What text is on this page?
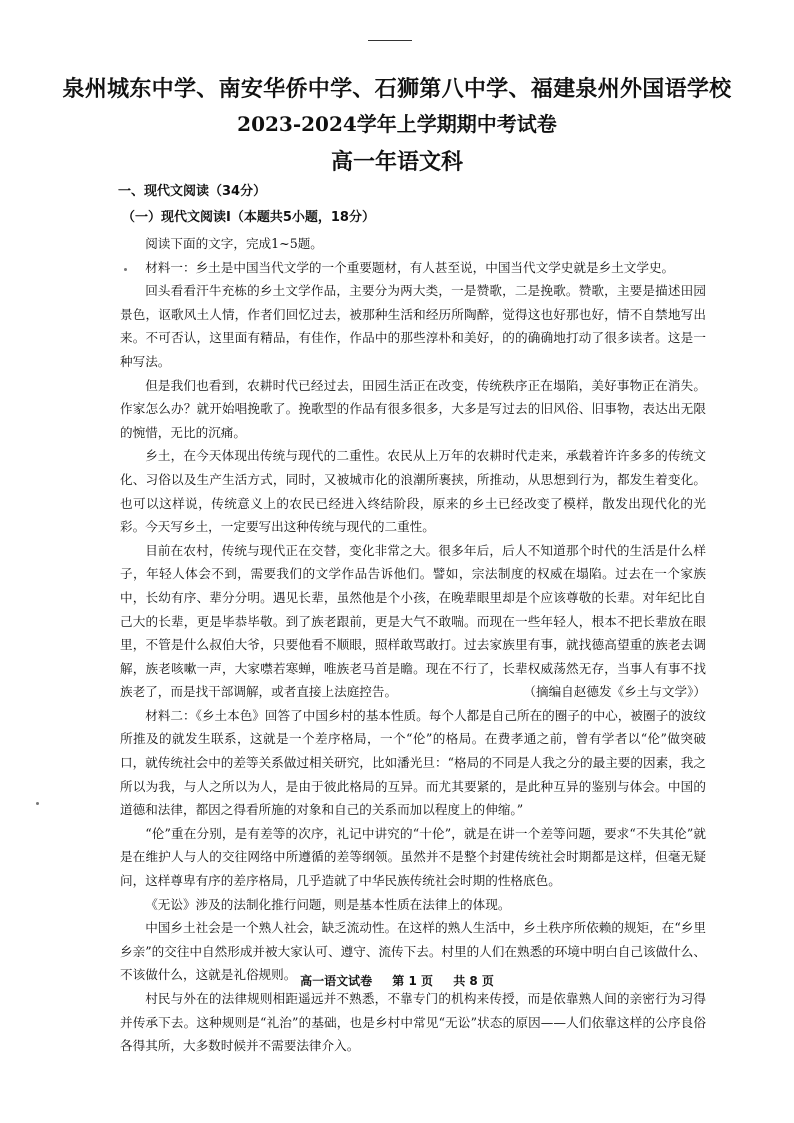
泉州城东中学、南安华侨中学、石狮第八中学、福建泉州外国语学校
2023-2024学年上学期期中考试卷
高一年语文科
一、现代文阅读（34分）
（一）现代文阅读Ⅰ（本题共5小题，18分）

阅读下面的文字，完成1~5题。

材料一：乡土是中国当代文学的一个重要题材，有人甚至说，中国当代文学史就是乡土文学史。

回头看看汗牛充栋的乡土文学作品，主要分为两大类，一是赞歌，二是挽歌。赞歌，主要是描述田园景色，讴歌风土人情，作者们回忆过去，被那种生活和经历所陶醉，觉得这也好那也好，情不自禁地写出来。不可否认，这里面有精品，有佳作，作品中的那些淳朴和美好，的的确确地打动了很多读者。这是一种写法。

但是我们也看到，农耕时代已经过去，田园生活正在改变，传统秩序正在塌陷，美好事物正在消失。作家怎么办？就开始唱挽歌了。挽歌型的作品有很多很多，大多是写过去的旧风俗、旧事物，表达出无限的惋惜，无比的沉痛。

乡土，在今天体现出传统与现代的二重性。农民从上万年的农耕时代走来，承载着许许多多的传统文化、习俗以及生产生活方式，同时，又被城市化的浪潮所裹挟，所推动，从思想到行为，都发生着变化。也可以这样说，传统意义上的农民已经进入终结阶段，原来的乡土已经改变了模样，散发出现代化的光彩。今天写乡土，一定要写出这种传统与现代的二重性。

目前在农村，传统与现代正在交替，变化非常之大。很多年后，后人不知道那个时代的生活是什么样子，年轻人体会不到，需要我们的文学作品告诉他们。譬如，宗法制度的权威在塌陷。过去在一个家族中，长幼有序、辈分分明。遇见长辈，虽然他是个小孩，在晚辈眼里却是个应该尊敬的长辈。对年纪比自己大的长辈，更是毕恭毕敬。到了族老跟前，更是大气不敢喘。而现在一些年轻人，根本不把长辈放在眼里，不管是什么叔伯大爷，只要他看不顺眼，照样敢骂敢打。过去家族里有事，就找德高望重的族老去调解，族老咳嗽一声，大家噤若寒蝉，唯族老马首是瞻。现在不行了，长辈权威荡然无存，当事人有事不找族老了，而是找干部调解，或者直接上法庭控告。	（摘编自赵德发《乡土与文学》）

材料二：《乡土本色》回答了中国乡村的基本性质。每个人都是自己所在的圈子的中心，被圈子的波纹所推及的就发生联系，这就是一个差序格局，一个“伦”的格局。在费孝通之前，曾有学者以“伦”做突破口，就传统社会中的差等关系做过相关研究，比如潘光旦：“格局的不同是人我之分的最主要的因素，我之所以为我，与人之所以为人，是由于彼此格局的互异。而尤其要紧的，是此种互异的鉴别与体会。中国的道德和法律，都因之得看所施的对象和自己的关系而加以程度上的伸缩。”

“伦”重在分别，是有差等的次序，礼记中讲究的“十伦”，就是在讲一个差等问题，要求“不失其伦”就是在维护人与人的交往网络中所遵循的差等纲领。虽然并不是整个封建传统社会时期都是这样，但毫无疑问，这样尊卑有序的差序格局，几乎造就了中华民族传统社会时期的性格底色。

《无讼》涉及的法制化推行问题，则是基本性质在法律上的体现。

中国乡土社会是一个熟人社会，缺乏流动性。在这样的熟人生活中，乡土秩序所依赖的规矩，在“乡里乡亲”的交往中自然形成并被大家认可、遵守、流传下去。村里的人们在熟悉的环境中明白自己该做什么、不该做什么，这就是礼俗规则。

村民与外在的法律规则相距遥远并不熟悉，不靠专门的机构来传授，而是依靠熟人间的亲密行为习得并传承下去。这种规则是“礼治”的基础，也是乡村中常见“无讼”状态的原因——人们依靠这样的公序良俗各得其所，大多数时候并不需要法律介入。

高一语文试卷 第 1 页 共 8 页
